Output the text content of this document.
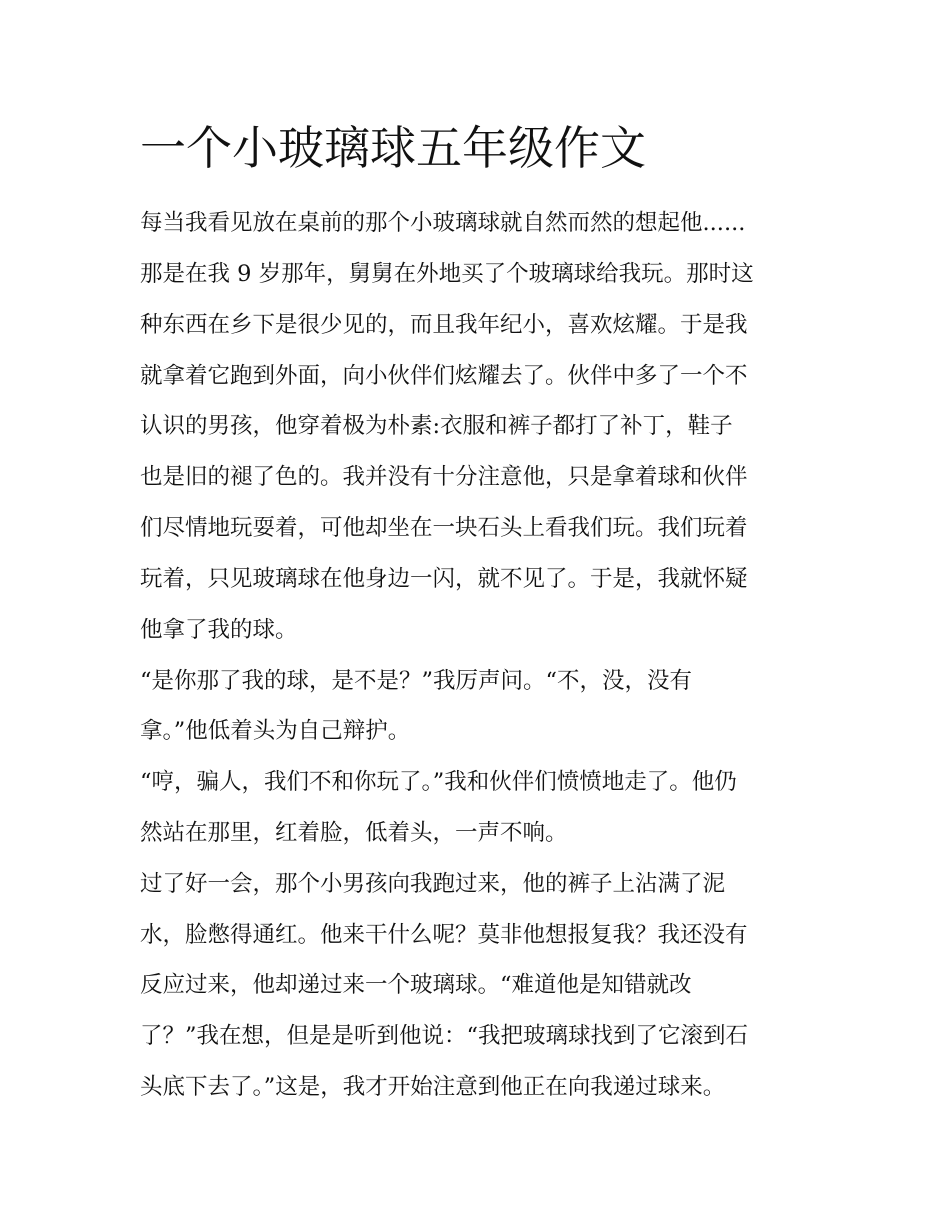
一个小玻璃球五年级作文

每当我看见放在桌前的那个小玻璃球就自然而然的想起他......

那是在我 9 岁那年，舅舅在外地买了个玻璃球给我玩。那时这

种东西在乡下是很少见的，而且我年纪小，喜欢炫耀。于是我

就拿着它跑到外面，向小伙伴们炫耀去了。伙伴中多了一个不

认识的男孩，他穿着极为朴素:衣服和裤子都打了补丁，鞋子

也是旧的褪了色的。我并没有十分注意他，只是拿着球和伙伴

们尽情地玩耍着，可他却坐在一块石头上看我们玩。我们玩着

玩着，只见玻璃球在他身边一闪，就不见了。于是，我就怀疑

他拿了我的球。

“是你那了我的球，是不是？”我厉声问。“不，没，没有

拿。”他低着头为自己辩护。

“哼，骗人，我们不和你玩了。”我和伙伴们愤愤地走了。他仍

然站在那里，红着脸，低着头，一声不响。

过了好一会，那个小男孩向我跑过来，他的裤子上沾满了泥

水，脸憋得通红。他来干什么呢？莫非他想报复我？我还没有

反应过来，他却递过来一个玻璃球。“难道他是知错就改

了？”我在想，但是是听到他说：“我把玻璃球找到了它滚到石

头底下去了。”这是，我才开始注意到他正在向我递过球来。
